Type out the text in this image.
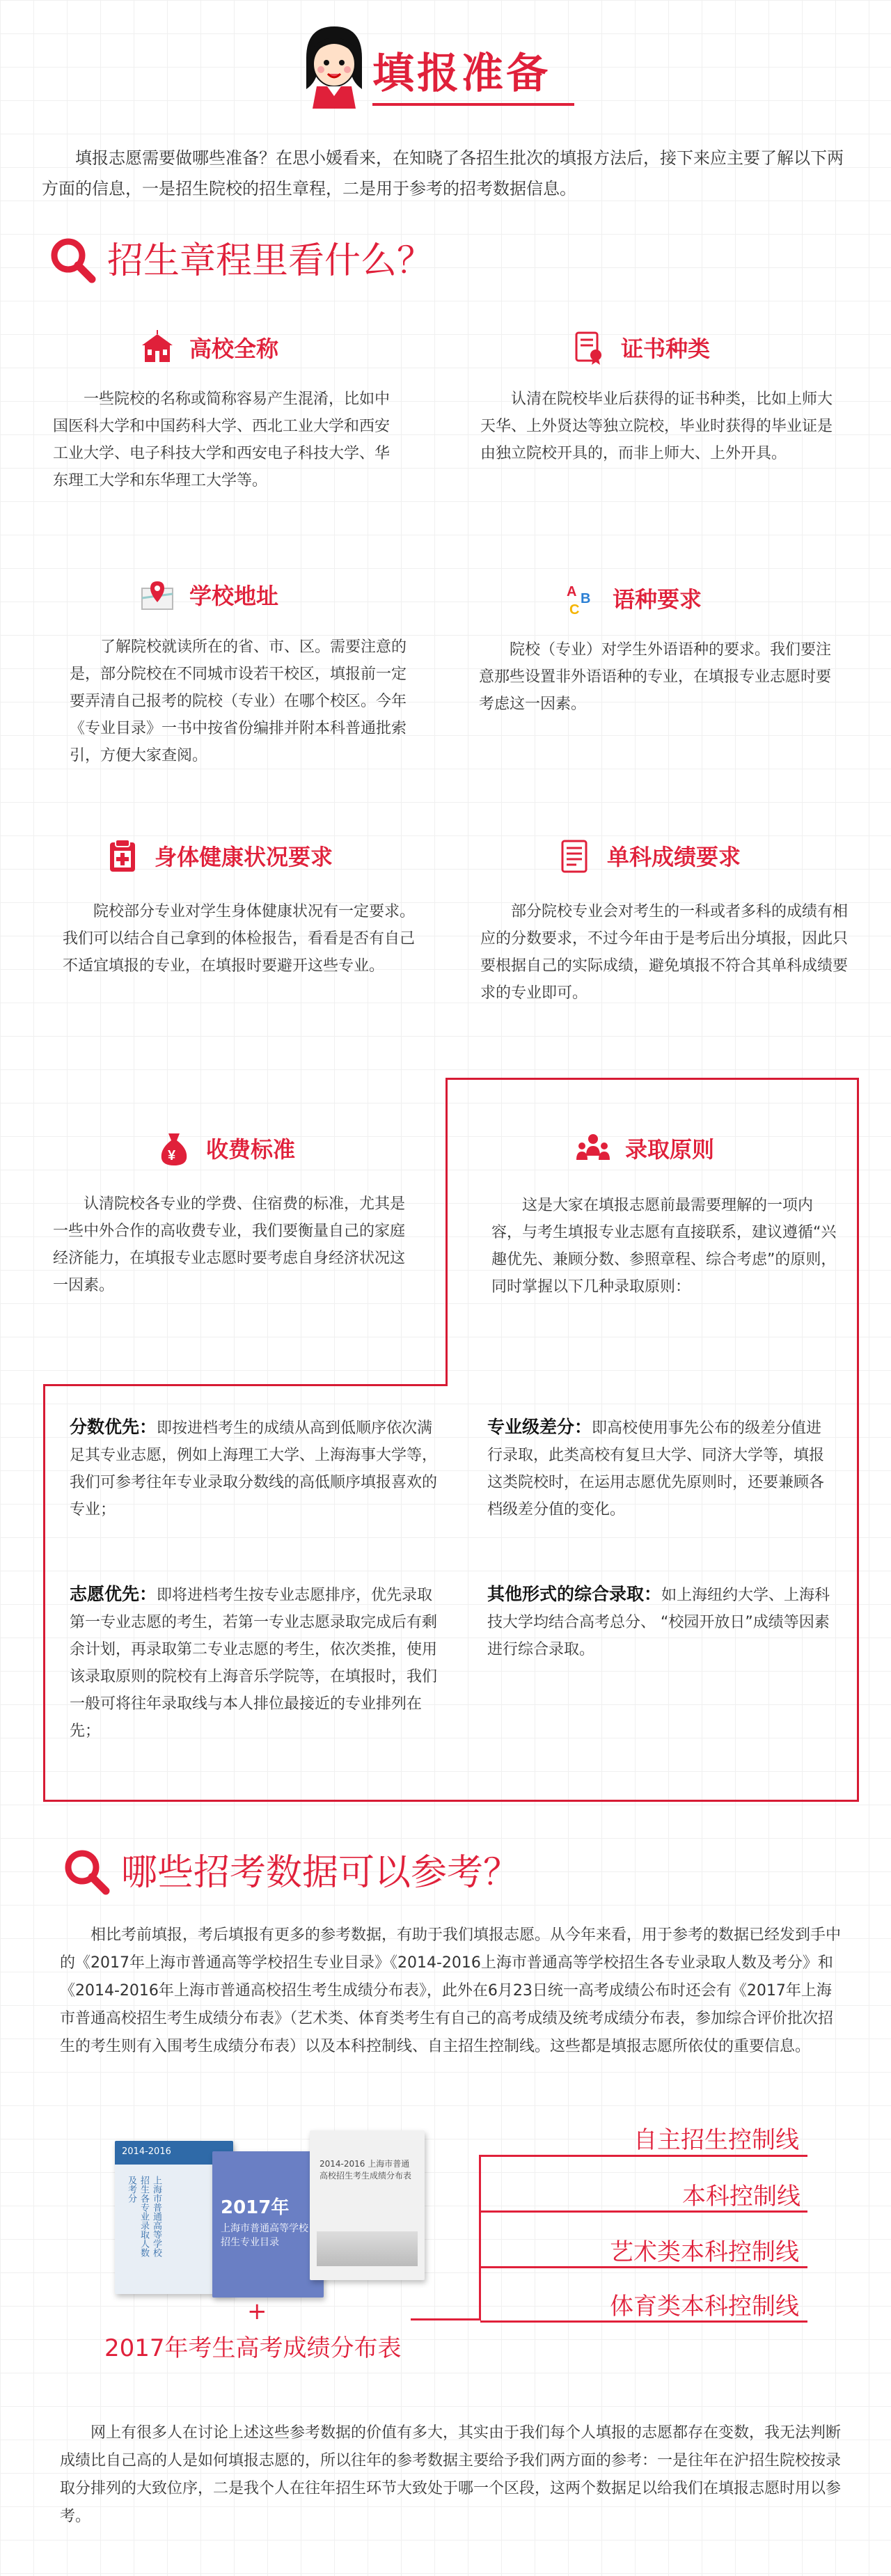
填报准备
填报志愿需要做哪些准备？在思小媛看来，在知晓了各招生批次的填报方法后，接下来应主要了解以下两方面的信息，一是招生院校的招生章程，二是用于参考的招考数据信息。
招生章程里看什么？
高校全称
一些院校的名称或简称容易产生混淆，比如中国医科大学和中国药科大学、西北工业大学和西安工业大学、电子科技大学和西安电子科技大学、华东理工大学和东华理工大学等。
证书种类
认清在院校毕业后获得的证书种类，比如上师大天华、上外贤达等独立院校，毕业时获得的毕业证是由独立院校开具的，而非上师大、上外开具。
学校地址
了解院校就读所在的省、市、区。需要注意的是，部分院校在不同城市设若干校区，填报前一定要弄清自己报考的院校（专业）在哪个校区。今年《专业目录》一书中按省份编排并附本科普通批索引，方便大家查阅。
A B
C 语种要求
院校（专业）对学生外语语种的要求。我们要注意那些设置非外语语种的专业，在填报专业志愿时要考虑这一因素。
身体健康状况要求
院校部分专业对学生身体健康状况有一定要求。我们可以结合自己拿到的体检报告，看看是否有自己不适宜填报的专业，在填报时要避开这些专业。
单科成绩要求
部分院校专业会对考生的一科或者多科的成绩有相应的分数要求，不过今年由于是考后出分填报，因此只要根据自己的实际成绩，避免填报不符合其单科成绩要求的专业即可。
¥ 收费标准
认清院校各专业的学费、住宿费的标准，尤其是一些中外合作的高收费专业，我们要衡量自己的家庭经济能力，在填报专业志愿时要考虑自身经济状况这一因素。
录取原则
这是大家在填报志愿前最需要理解的一项内容，与考生填报专业志愿有直接联系，建议遵循“兴趣优先、兼顾分数、参照章程、综合考虑”的原则，同时掌握以下几种录取原则：
分数优先：即按进档考生的成绩从高到低顺序依次满足其专业志愿，例如上海理工大学、上海海事大学等，我们可参考往年专业录取分数线的高低顺序填报喜欢的专业；
专业级差分：即高校使用事先公布的级差分值进行录取，此类高校有复旦大学、同济大学等，填报这类院校时，在运用志愿优先原则时，还要兼顾各档级差分值的变化。
志愿优先：即将进档考生按专业志愿排序，优先录取第一专业志愿的考生，若第一专业志愿录取完成后有剩余计划，再录取第二专业志愿的考生，依次类推，使用该录取原则的院校有上海音乐学院等，在填报时，我们一般可将往年录取线与本人排位最接近的专业排列在先；
其他形式的综合录取：如上海纽约大学、上海科技大学均结合高考总分、 “校园开放日”成绩等因素进行综合录取。
哪些招考数据可以参考？
相比考前填报，考后填报有更多的参考数据，有助于我们填报志愿。从今年来看，用于参考的数据已经发到手中的《2017年上海市普通高等学校招生专业目录》《2014-2016上海市普通高等学校招生各专业录取人数及考分》和《2014-2016年上海市普通高校招生考生成绩分布表》，此外在6月23日统一高考成绩公布时还会有《2017年上海市普通高校招生考生成绩分布表》（艺术类、体育类考生有自己的高考成绩及统考成绩分布表，参加综合评价批次招生的考生则有入围考生成绩分布表）以及本科控制线、自主招生控制线。这些都是填报志愿所依仗的重要信息。
2014-2016
上海市普通高等学校招生各专业录取人数及考分
2017年
上海市普通高等学校招生专业目录
2014-2016 上海市普通高校招生考生成绩分布表
+
2017年考生高考成绩分布表
自主招生控制线
本科控制线
艺术类本科控制线
体育类本科控制线
网上有很多人在讨论上述这些参考数据的价值有多大，其实由于我们每个人填报的志愿都存在变数，我无法判断成绩比自己高的人是如何填报志愿的，所以往年的参考数据主要给予我们两方面的参考：一是往年在沪招生院校按录取分排列的大致位序，二是我个人在往年招生环节大致处于哪一个区段，这两个数据足以给我们在填报志愿时用以参考。
